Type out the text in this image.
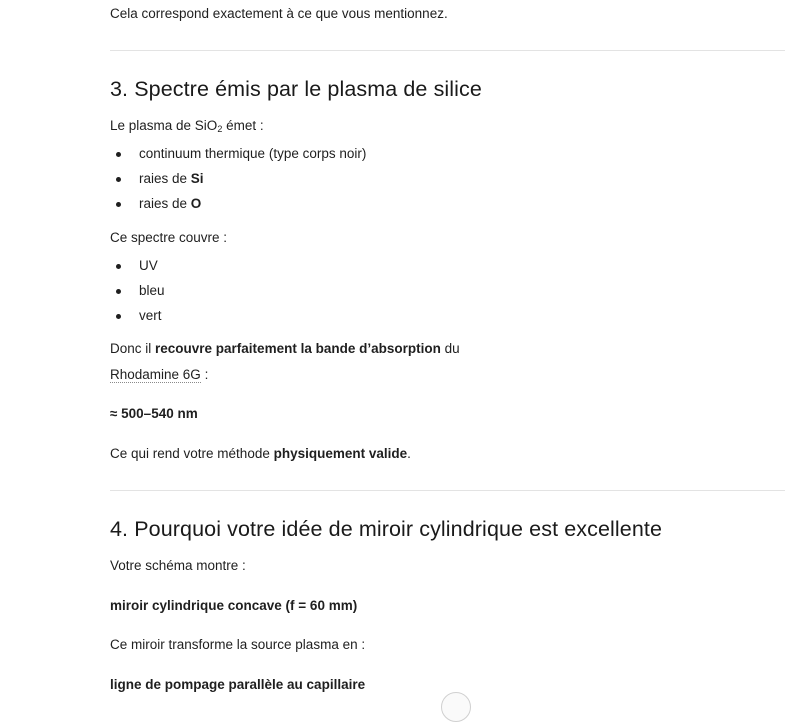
Cela correspond exactement à ce que vous mentionnez.

3. Spectre émis par le plasma de silice

Le plasma de SiO$_2$ émet :

continuum thermique (type corps noir)
raies de Si
raies de O

Ce spectre couvre :

UV
bleu
vert

Donc il recouvre parfaitement la bande d’absorption du

Rhodamine 6G :

≈ 500–540 nm

Ce qui rend votre méthode physiquement valide.

4. Pourquoi votre idée de miroir cylindrique est excellente

Votre schéma montre :

miroir cylindrique concave (f = 60 mm)

Ce miroir transforme la source plasma en :

ligne de pompage parallèle au capillaire
